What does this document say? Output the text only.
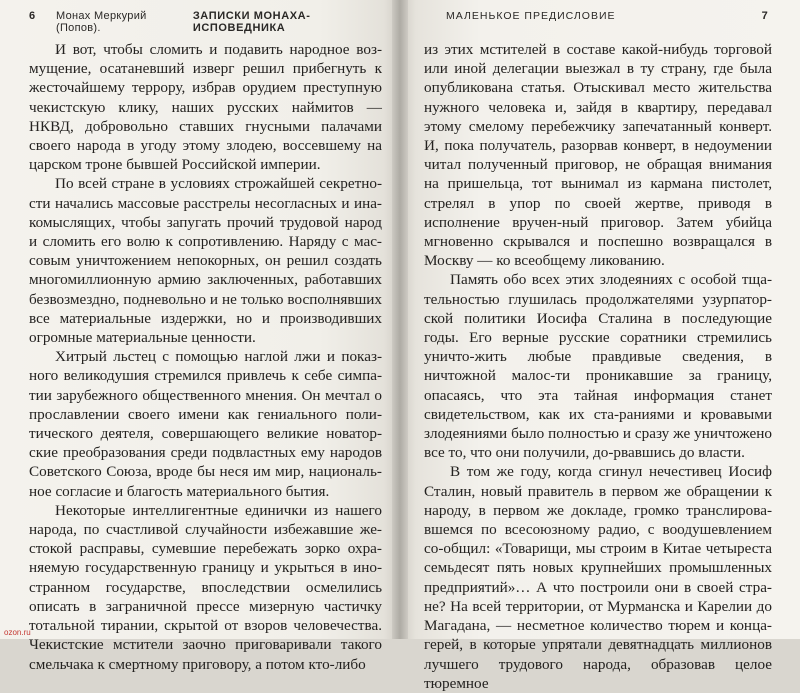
6	Монах Меркурий (Попов).
ЗАПИСКИ МОНАХА-ИСПОВЕДНИКА

И вот, чтобы сломить и подавить народное воз-мущение, осатаневший изверг решил прибегнуть к жесточайшему террору, избрав орудием преступную чекистскую клику, наших русских наймитов — НКВД, добровольно ставших гнусными палачами своего народа в угоду этому злодею, воссевшему на царском троне бывшей Российской империи.

По всей стране в условиях строжайшей секретно-сти начались массовые расстрелы несогласных и ина-комыслящих, чтобы запугать прочий трудовой народ и сломить его волю к сопротивлению. Наряду с мас-совым уничтожением непокорных, он решил создать многомиллионную армию заключенных, работавших безвозмездно, подневольно и не только восполнявших все материальные издержки, но и производивших огромные материальные ценности.

Хитрый льстец с помощью наглой лжи и показ-ного великодушия стремился привлечь к себе симпа-тии зарубежного общественного мнения. Он мечтал о прославлении своего имени как гениального поли-тического деятеля, совершающего великие новатор-ские преобразования среди подвластных ему народов Советского Союза, вроде бы неся им мир, националь-ное согласие и благость материального бытия.

Некоторые интеллигентные единички из нашего народа, по счастливой случайности избежавшие же-стокой расправы, сумевшие перебежать зорко охра-няемую государственную границу и укрыться в ино-странном государстве, впоследствии осмелились описать в заграничной прессе мизерную частичку тотальной тирании, скрытой от взоров человечества. Чекистские мстители заочно приговаривали такого смельчака к смертному приговору, а потом кто-либо

МАЛЕНЬКОЕ ПРЕДИСЛОВИЕ	7

из этих мстителей в составе какой-нибудь торговой или иной делегации выезжал в ту страну, где была опубликована статья. Отыскивал место жительства нужного человека и, зайдя в квартиру, передавал этому смелому перебежчику запечатанный конверт. И, пока получатель, разорвав конверт, в недоумении читал полученный приговор, не обращая внимания на пришельца, тот вынимал из кармана пистолет, стрелял в упор по своей жертве, приводя в исполнение вручен-ный приговор. Затем убийца мгновенно скрывался и поспешно возвращался в Москву — ко всеобщему ликованию.

Память обо всех этих злодеяниях с особой тща-тельностью глушилась продолжателями узурпатор-ской политики Иосифа Сталина в последующие годы. Его верные русские соратники стремились уничто-жить любые правдивые сведения, в ничтожной малос-ти проникавшие за границу, опасаясь, что эта тайная информация станет свидетельством, как их ста-раниями и кровавыми злодеяниями было полностью и сразу же уничтожено все то, что они получили, до-рвавшись до власти.

В том же году, когда сгинул нечестивец Иосиф Сталин, новый правитель в первом же обращении к народу, в первом же докладе, громко транслирова-вшемся по всесоюзному радио, с воодушевлением со-общил: «Товарищи, мы строим в Китае четыреста семьдесят пять новых крупнейших промышленных предприятий»… А что построили они в своей стра-не? На всей территории, от Мурманска и Карелии до Магадана, — несметное количество тюрем и конца-герей, в которые упрятали девятнадцать миллионов лучшего трудового народа, образовав целое тюремное

ozon.ru
